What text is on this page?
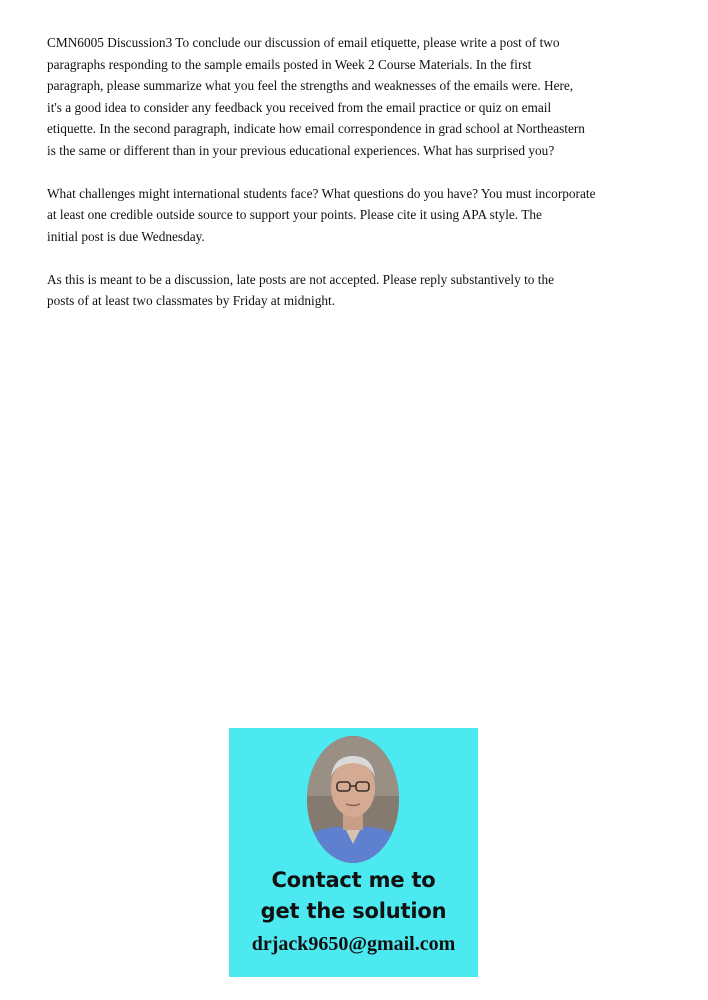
CMN6005 Discussion3 To conclude our discussion of email etiquette, please write a post of two
paragraphs responding to the sample emails posted in Week 2 Course Materials. In the first
paragraph, please summarize what you feel the strengths and weaknesses of the emails were. Here,
it's a good idea to consider any feedback you received from the email practice or quiz on email
etiquette. In the second paragraph, indicate how email correspondence in grad school at Northeastern
is the same or different than in your previous educational experiences. What has surprised you?

What challenges might international students face? What questions do you have? You must incorporate
at least one credible outside source to support your points. Please cite it using APA style. The
initial post is due Wednesday.

As this is meant to be a discussion, late posts are not accepted. Please reply substantively to the
posts of at least two classmates by Friday at midnight.

Contact me to
get the solution
drjack9650@gmail.com
